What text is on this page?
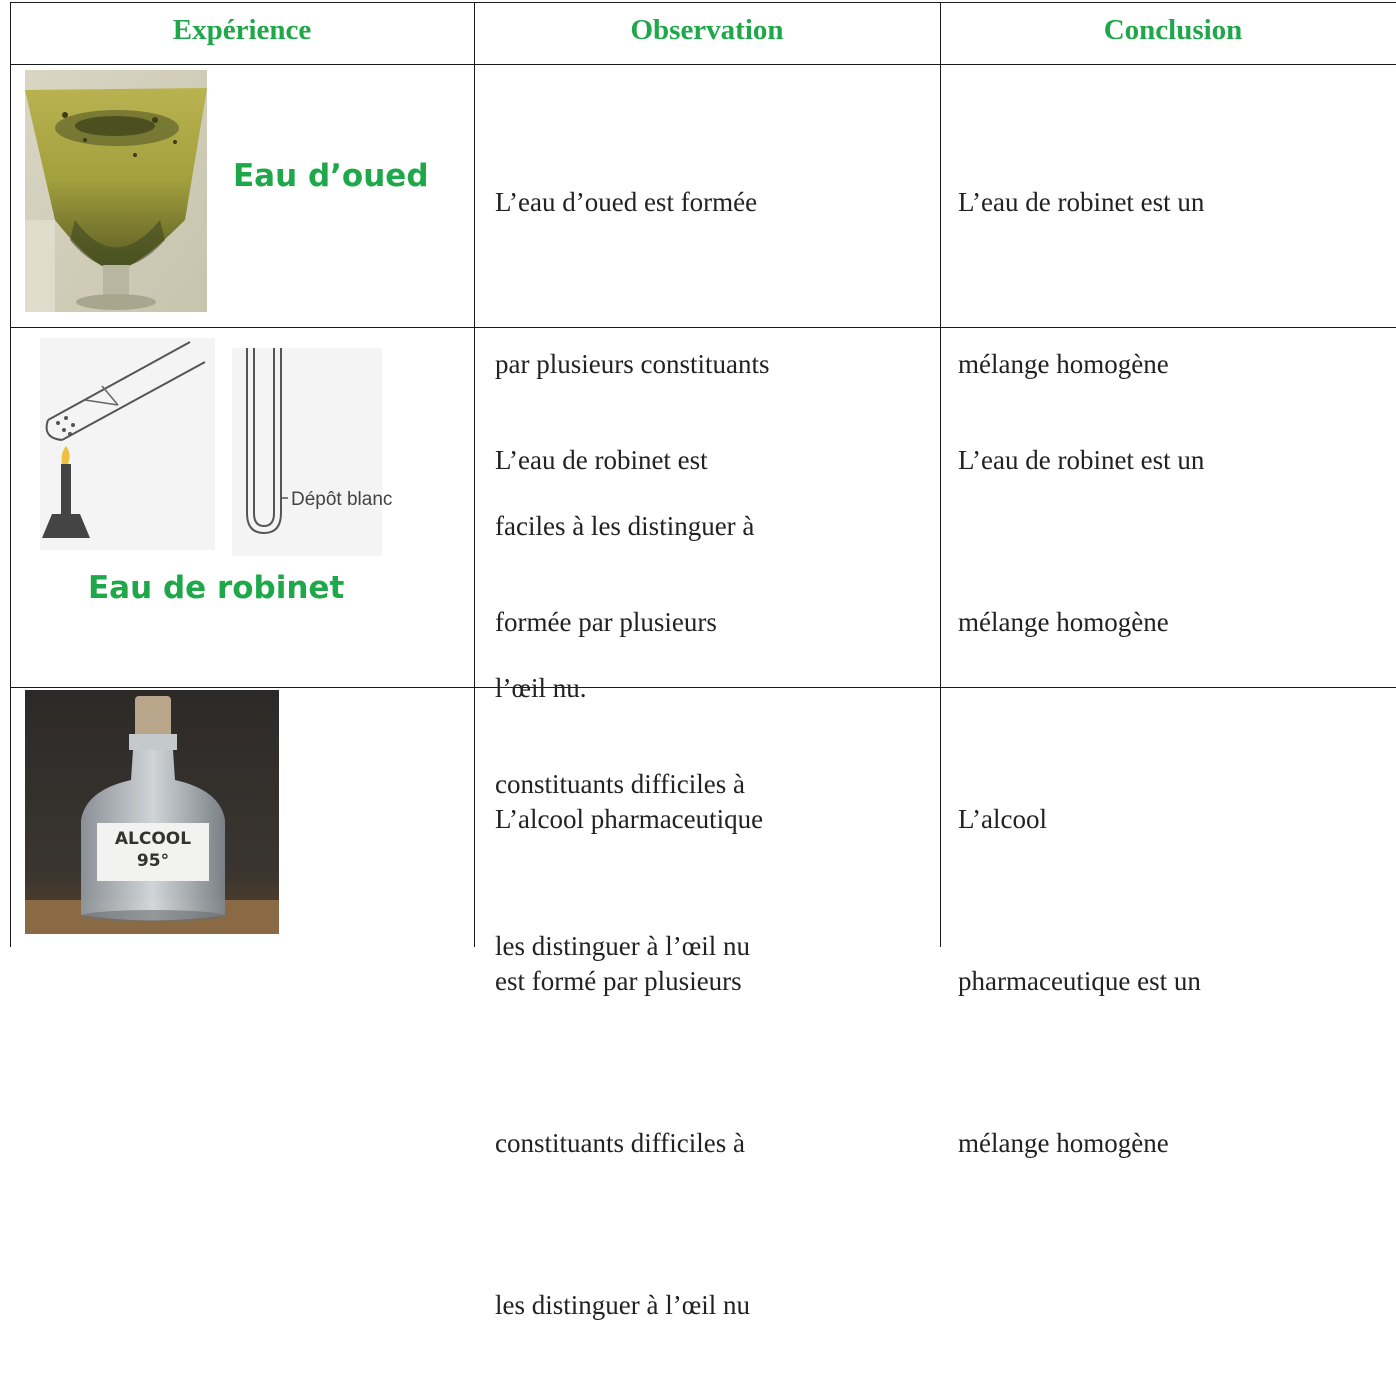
Expérience	Observation	Conclusion
Eau d’oued

L’eau d’oued est formée

par plusieurs constituants

faciles à les distinguer à

l’œil nu.

L’eau de robinet est un

mélange homogène

Dépôt blanc
Eau de robinet

L’eau de robinet est

formée par plusieurs

constituants difficiles à

les distinguer à l’œil nu

L’eau de robinet est un

mélange homogène

ALCOOL
95°

L’alcool pharmaceutique

est formé par plusieurs

constituants difficiles à

les distinguer à l’œil nu

L’alcool

pharmaceutique est un

mélange homogène
